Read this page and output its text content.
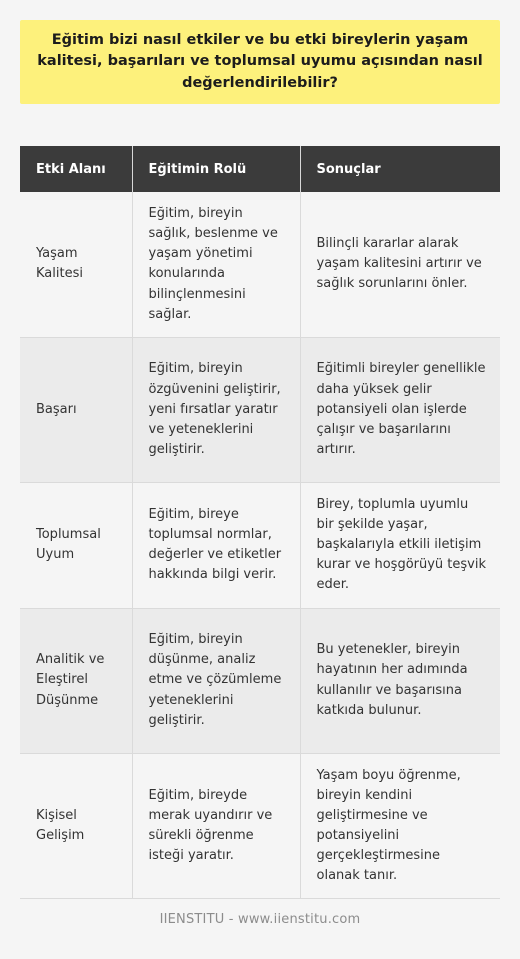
Eğitim bizi nasıl etkiler ve bu etki bireylerin yaşam kalitesi, başarıları ve toplumsal uyumu açısından nasıl değerlendirilebilir?
Etki Alanı	Eğitimin Rolü	Sonuçlar
Yaşam Kalitesi	Eğitim, bireyin sağlık, beslenme ve yaşam yönetimi konularında bilinçlenmesini sağlar.	Bilinçli kararlar alarak yaşam kalitesini artırır ve sağlık sorunlarını önler.
Başarı	Eğitim, bireyin özgüvenini geliştirir, yeni fırsatlar yaratır ve yeteneklerini geliştirir.	Eğitimli bireyler genellikle daha yüksek gelir potansiyeli olan işlerde çalışır ve başarılarını artırır.
Toplumsal Uyum	Eğitim, bireye toplumsal normlar, değerler ve etiketler hakkında bilgi verir.	Birey, toplumla uyumlu bir şekilde yaşar, başkalarıyla etkili iletişim kurar ve hoşgörüyü teşvik eder.
Analitik ve Eleştirel Düşünme	Eğitim, bireyin düşünme, analiz etme ve çözümleme yeteneklerini geliştirir.	Bu yetenekler, bireyin hayatının her adımında kullanılır ve başarısına katkıda bulunur.
Kişisel Gelişim	Eğitim, bireyde merak uyandırır ve sürekli öğrenme isteği yaratır.	Yaşam boyu öğrenme, bireyin kendini geliştirmesine ve potansiyelini gerçekleştirmesine olanak tanır.
IIENSTITU - www.iienstitu.com
